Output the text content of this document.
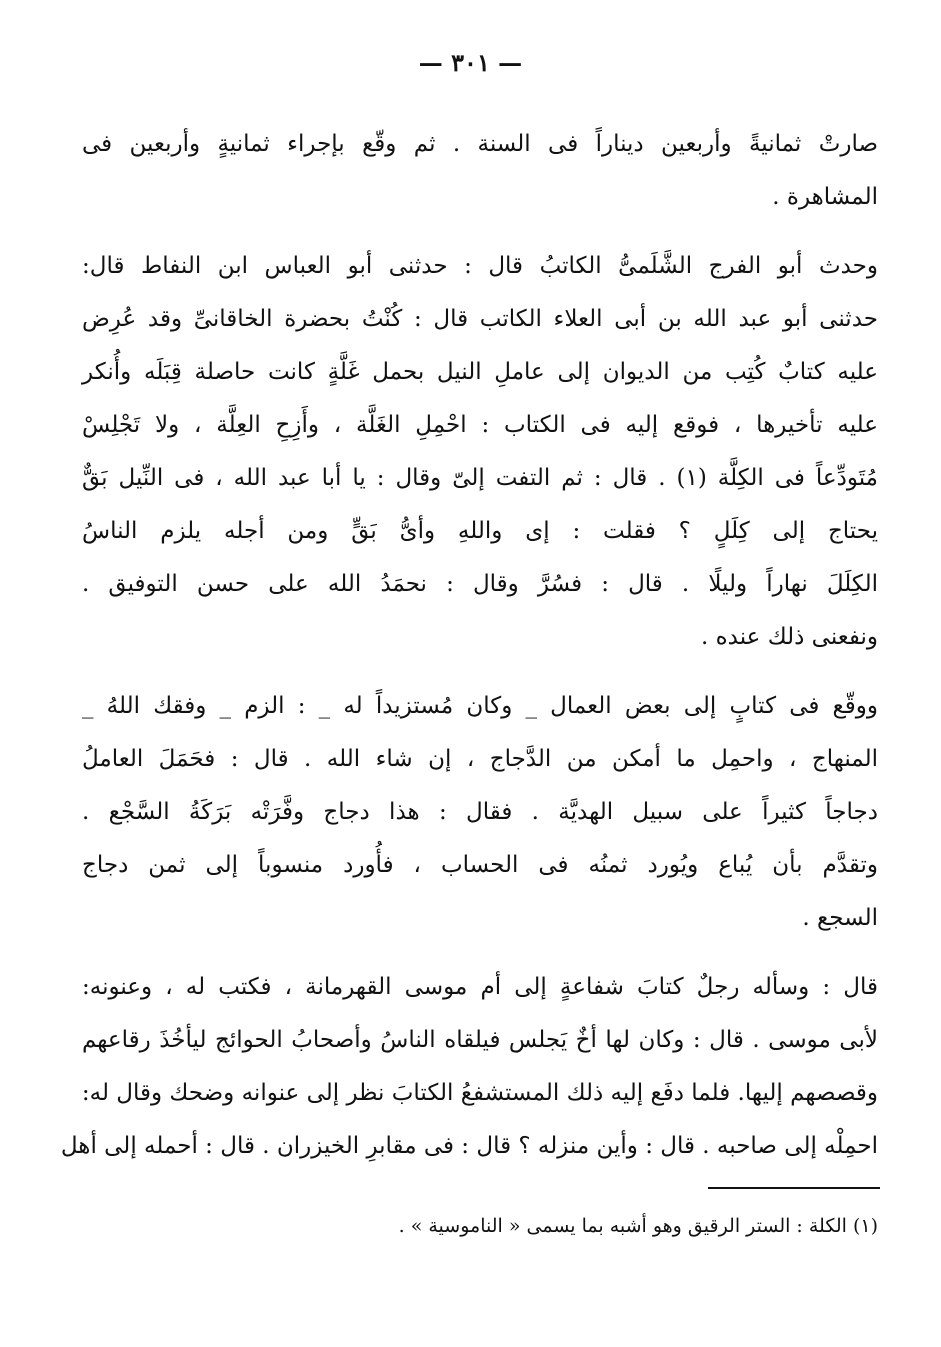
— ٣٠١ —

صارتْ ثمانيةً وأربعين ديناراً فى السنة . ثم وقّع بإجراء ثمانيةٍ وأربعين فى
المشاهرة .

وحدث أبو الفرج الشَّلَمىُّ الكاتبُ قال : حدثنى أبو العباس ابن النفاط قال:
حدثنى أبو عبد الله بن أبى العلاء الكاتب قال : كُنْتُ بحضرة الخاقانىِّ وقد عُرِض
عليه كتابٌ كُتِب من الديوان إلى عاملِ النيل بحمل غَلَّةٍ كانت حاصلة قِبَلَه وأُنكر
عليه تأخيرها ، فوقع إليه فى الكتاب : احْمِلِ الغَلَّة ، وأَزِحِ العِلَّة ، ولا تَجْلِسْ
مُتَودِّعاً فى الكِلَّة (١) . قال : ثم التفت إلىّ وقال : يا أبا عبد الله ، فى النِّيل بَقٌّ
يحتاج إلى كِلَلٍ ؟ فقلت : إى واللهِ وأىُّ بَقٍّ ومن أجله يلزم الناسُ
الكِلَلَ نهاراً وليلًا . قال : فسُرَّ وقال : نحمَدُ الله على حسن التوفيق .
ونفعنى ذلك عنده .

ووقّع فى كتابٍ إلى بعض العمال _ وكان مُستزيداً له _ : الزم _ وفقك اللهُ _
المنهاج ، واحمِل ما أمكن من الدَّجاج ، إن شاء الله . قال : فحَمَلَ العاملُ
دجاجاً كثيراً على سبيل الهديَّة . فقال : هذا دجاج وفَّرَتْه بَرَكَةُ السَّجْع .
وتقدَّم بأن يُباع ويُورد ثمنُه فى الحساب ، فأُورد منسوباً إلى ثمن دجاج
السجع .

قال : وسأله رجلٌ كتابَ شفاعةٍ إلى أم موسى القهرمانة ، فكتب له ، وعنونه:
لأبى موسى . قال : وكان لها أخٌ يَجلس فيلقاه الناسُ وأصحابُ الحوائج ليأخُذَ رقاعهم
وقصصهم إليها. فلما دفَع إليه ذلك المستشفعُ الكتابَ نظر إلى عنوانه وضحك وقال له:
احمِلْه إلى صاحبه . قال : وأين منزله ؟ قال : فى مقابرِ الخيزران . قال : أحمله إلى أهل

(١) الكلة : الستر الرقيق وهو أشبه بما يسمى « الناموسية » .
